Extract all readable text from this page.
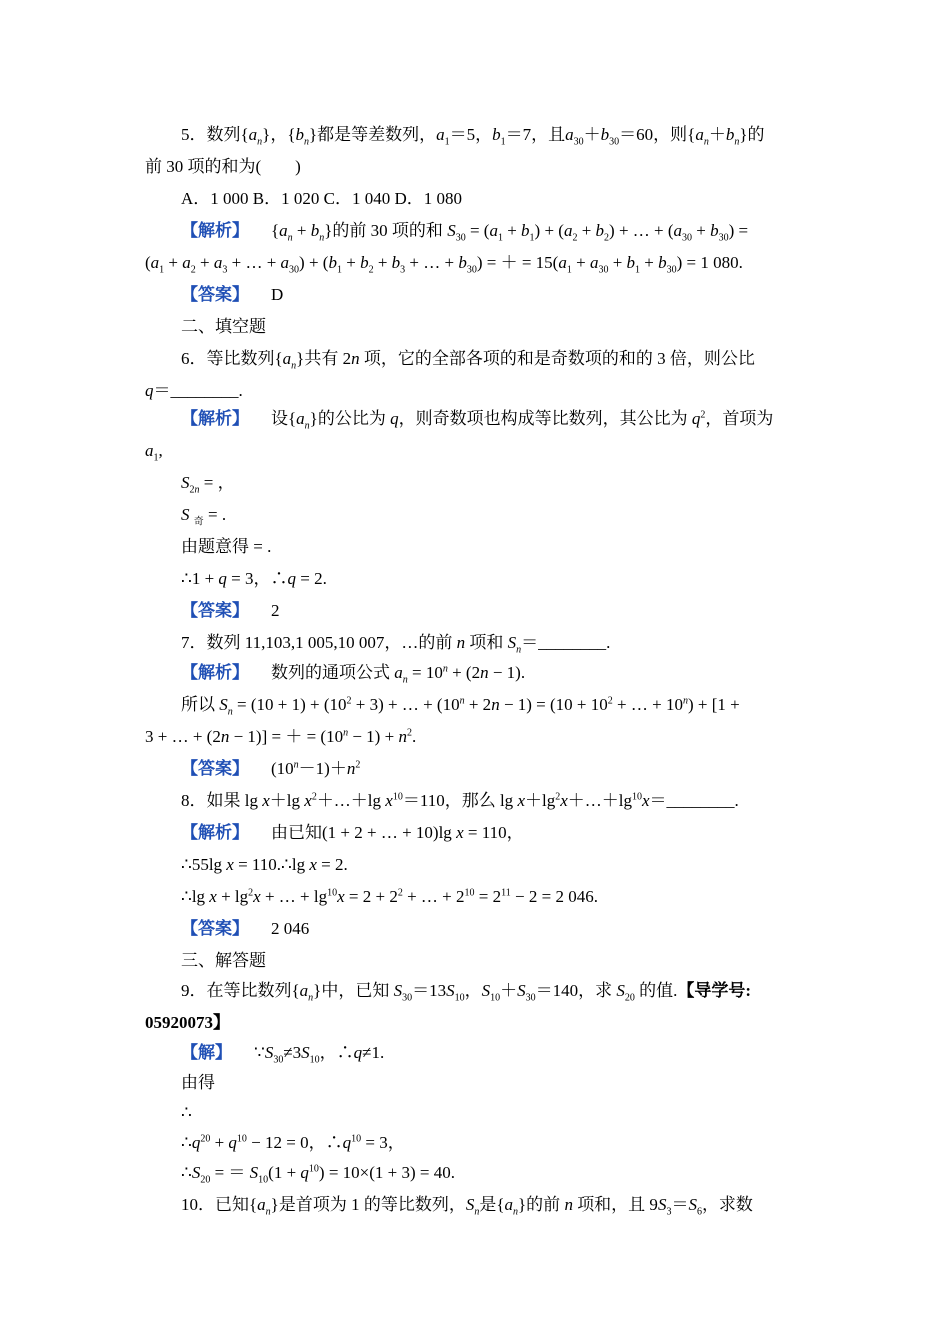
5．数列$\{a_n\}$，$\{b_n\}$都是等差数列，$a_1=5$，$b_1=7$，且$a_{30}+b_{30}=60$，则$\{a_n+b_n\}$的
前 30 项的和为(　　)
A．1 000 B．1 020 C．1 040 D．1 080
【解析】 $\{a_n + b_n\}$的前 30 项的和 $S_{30} = (a_1 + b_1) + (a_2 + b_2)$ + … + $(a_{30} + b_{30})$ =
($a_1 + a_2 + a_3$ + … + $a_{30}) + (b_1 + b_2 + b_3$ + … + $b_{30}$) = ＋ = $15(a_1 + a_{30} + b_1 + b_{30}) = 1$ 080.
【答案】 D
二、填空题
6．等比数列$\{a_n\}$共有 2n 项，它的全部各项的和是奇数项的和的 3 倍，则公比
q＝________.
【解析】 设$\{a_n\}$的公比为 q，则奇数项也构成等比数列，其公比为 $q^2$，首项为
$a_1$,
$S_{2n}$ = ，
S $_奇$ = .
由题意得 = .
∴1 + q = 3，∴q = 2.
【答案】 2
7．数列 11,103,1 005,10 007，…的前 n 项和 $S_n=\_\_\_\_\_\_\_\_$.
【解析】 数列的通项公式 $a_n = 10^n + (2n - 1)$.
所以 $S_n = (10 + 1) + (10^2 + 3)$ + … + $(10^n + 2n - 1) = (10 + 10^2$ + … + $10^n) + [1$ +
3 + … + (2n − 1)] = ＋ = $(10^n - 1) + n^2$.
【答案】 $(10^n-1)+n^2$
8．如果 lg x＋lg $x^2+\dots+\lg$ $x^{10}=110$，那么 $\lg x+\lg^2x+\dots+\lg^{10}x=\_\_\_\_\_\_\_\_$.
【解析】 由已知(1 + 2 + … + 10)lg x = 110，
∴55lg x = 110.∴lg x = 2.
∴lg $x + \lg^2x$ + … + $\lg^{10}x = 2 + 2^2$ + … + $2^{10} = 2^{11} - 2 = 2$ 046.
【答案】 2 046
三、解答题
9．在等比数列$\{a_n\}$中，已知 $S_{30}=13S_{10}$，$S_{10}+S_{30}=140$，求 $S_{20}$ 的值.【导学号:
05920073】
【解】 $\because S_{30}\ne 3S_{10}$，∴q≠1.
由得
∴
$\therefore q^{20} + q^{10} - 12 = 0$，$\therefore q^{10} = 3$，
$\therefore S_{20}$ = ＝ $S_{10}(1 + q^{10}) = 10\times(1 + 3) = 40$.
10．已知$\{a_n\}$是首项为 1 的等比数列，$S_n$是$\{a_n\}$的前 n 项和，且 $9S_3=S_6$，求数
